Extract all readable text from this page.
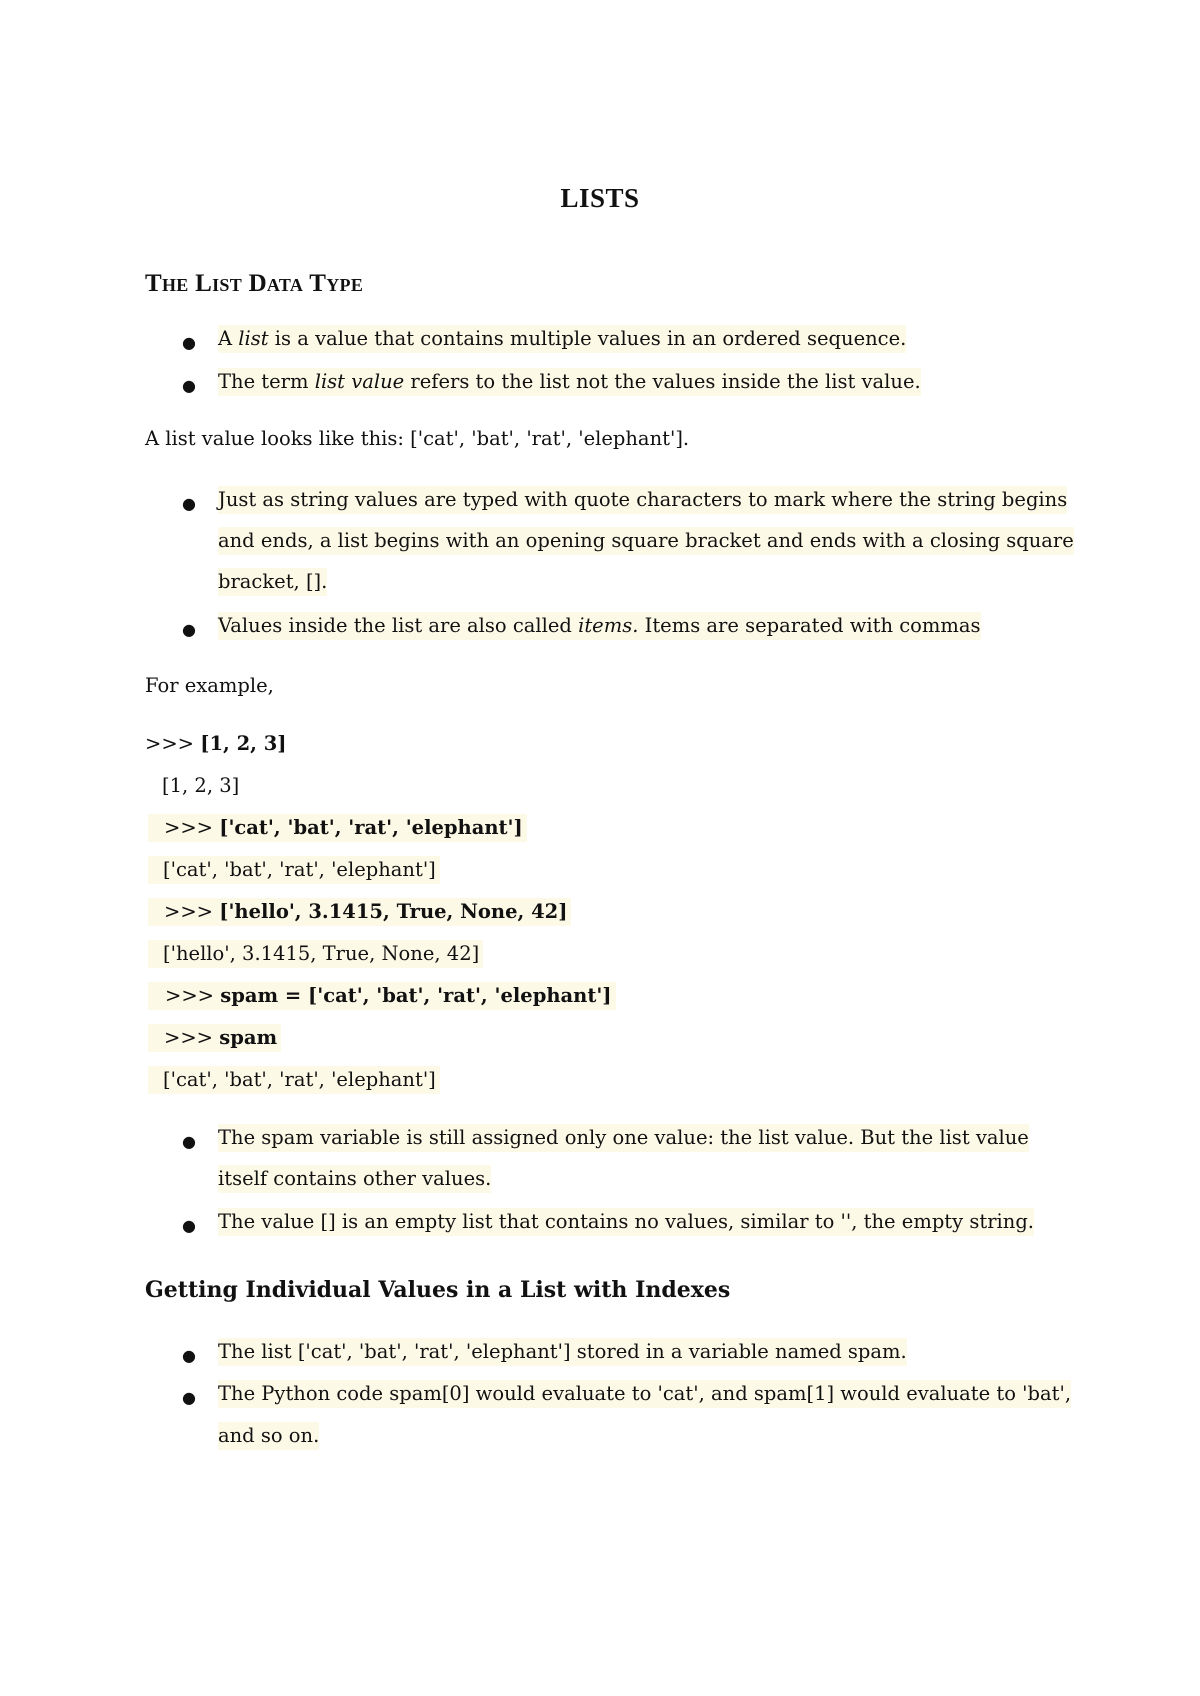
LISTS
The List Data Type
● A list is a value that contains multiple values in an ordered sequence.
● The term list value refers to the list not the values inside the list value.
A list value looks like this: ['cat', 'bat', 'rat', 'elephant'].
● Just as string values are typed with quote characters to mark where the string begins
and ends, a list begins with an opening square bracket and ends with a closing square
bracket, [].
● Values inside the list are also called items. Items are separated with commas
For example,
>>> [1, 2, 3]
[1, 2, 3]
>>> ['cat', 'bat', 'rat', 'elephant']
['cat', 'bat', 'rat', 'elephant']
>>> ['hello', 3.1415, True, None, 42]
['hello', 3.1415, True, None, 42]
>>> spam = ['cat', 'bat', 'rat', 'elephant']
>>> spam
['cat', 'bat', 'rat', 'elephant']
● The spam variable is still assigned only one value: the list value. But the list value
itself contains other values.
● The value [] is an empty list that contains no values, similar to '', the empty string.
Getting Individual Values in a List with Indexes
● The list ['cat', 'bat', 'rat', 'elephant'] stored in a variable named spam.
● The Python code spam[0] would evaluate to 'cat', and spam[1] would evaluate to 'bat',
and so on.
